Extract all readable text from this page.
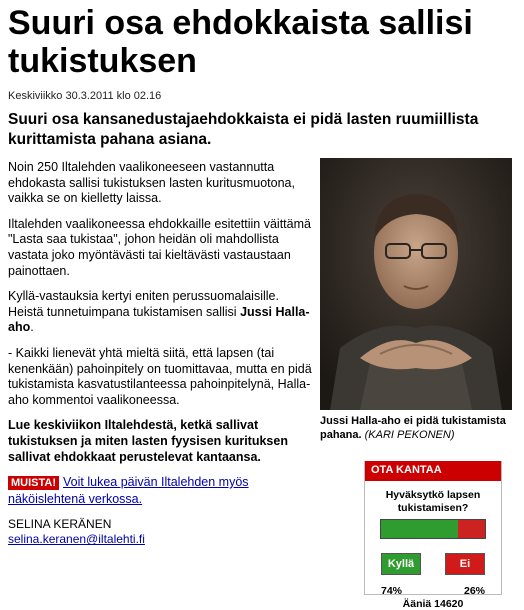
Suuri osa ehdokkaista sallisi tukistuksen
Keskiviikko 30.3.2011 klo 02.16
Suuri osa kansanedustajaehdokkaista ei pidä lasten ruumiillista kurittamista pahana asiana.

Noin 250 Iltalehden vaalikoneeseen vastannutta ehdokasta sallisi tukistuksen lasten kuritusmuotona, vaikka se on kielletty laissa.

Iltalehden vaalikoneessa ehdokkaille esitettiin väittämä "Lasta saa tukistaa", johon heidän oli mahdollista vastata joko myöntävästi tai kieltävästi vastaustaan painottaen.

Kyllä-vastauksia kertyi eniten perussuomalaisille. Heistä tunnetuimpana tukistamisen sallisi Jussi Halla-aho.

- Kaikki lienevät yhtä mieltä siitä, että lapsen (tai kenenkään) pahoinpitely on tuomittavaa, mutta en pidä tukistamista kasvatustilanteessa pahoinpitelynä, Halla-aho kommentoi vaalikoneessa.

Lue keskiviikon Iltalehdestä, ketkä sallivat tukistuksen ja miten lasten fyysisen kurituksen sallivat ehdokkaat perustelevat kantaansa.

MUISTA! Voit lukea päivän Iltalehden myös näköislehtenä verkossa.

SELINA KERÄNEN
selina.keranen@iltalehti.fi
Jussi Halla-aho ei pidä tukistamista pahana. (KARI PEKONEN)
OTA KANTAA
Hyväksytkö lapsen tukistamisen?
Kyllä	Ei
74%	26%
Ääniä 14620
